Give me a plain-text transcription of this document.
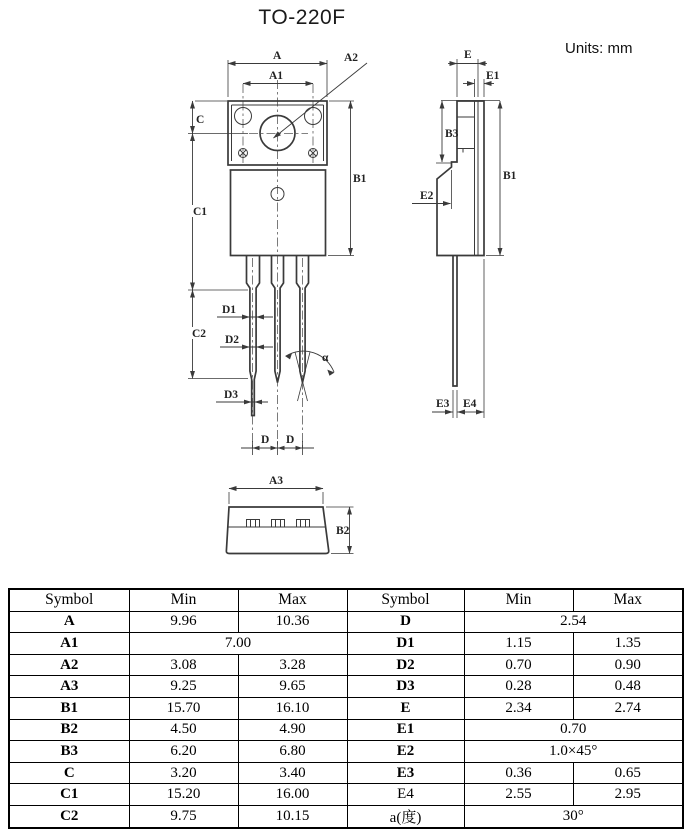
TO-220F
Units: mm
A
A1
A2
C
C1
C2
B1
D1
D2
D3
α
D D
E
E1
B3
E2
B1
E3 E4
A3
B2
Symbol	Min	Max	Symbol	Min	Max
A	9.96	10.36	D	2.54	
A1	7.00		D1	1.15	1.35
A2	3.08	3.28	D2	0.70	0.90
A3	9.25	9.65	D3	0.28	0.48
B1	15.70	16.10	E	2.34	2.74
B2	4.50	4.90	E1	0.70	
B3	6.20	6.80	E2	1.0×45°	
C	3.20	3.40	E3	0.36	0.65
C1	15.20	16.00	E4	2.55	2.95
C2	9.75	10.15	a(度)	30°	
